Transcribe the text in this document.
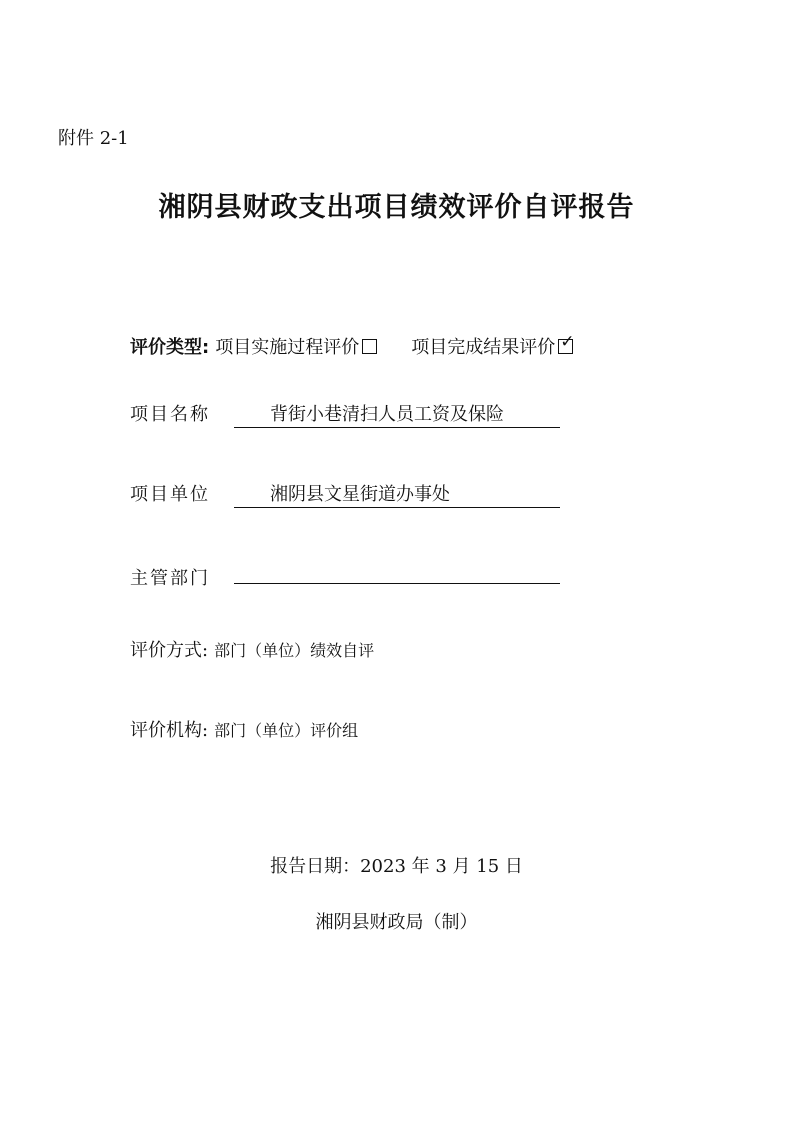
附件 2-1
湘阴县财政支出项目绩效评价自评报告
评价类型: 项目实施过程评价	项目完成结果评价 ✓
项目名称	背街小巷清扫人员工资及保险
项目单位	湘阴县文星街道办事处
主管部门
评价方式: 部门（单位）绩效自评
评价机构: 部门（单位）评价组
报告日期：2023 年 3 月 15 日
湘阴县财政局（制）
